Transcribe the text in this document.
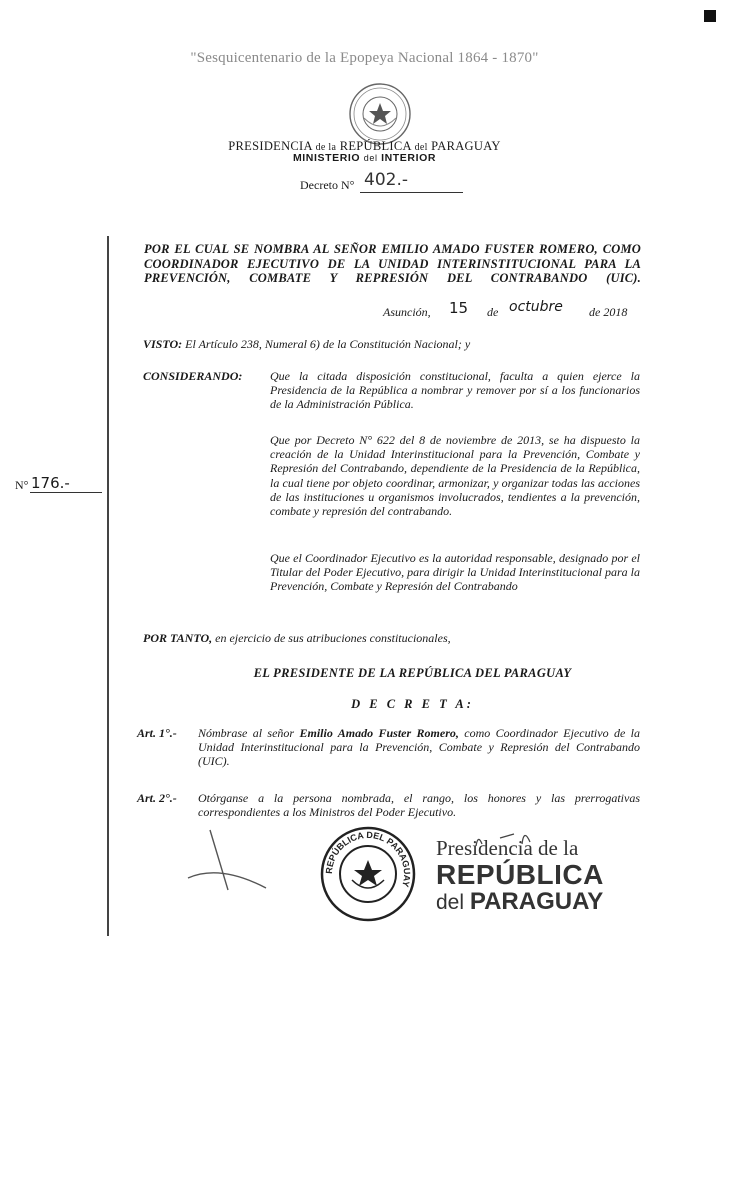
"Sesquicentenario de la Epopeya Nacional 1864 - 1870"
PRESIDENCIA de la REPÚBLICA del PARAGUAY
MINISTERIO del INTERIOR
Decreto N° 402.-
N° 176.-
POR EL CUAL SE NOMBRA AL SEÑOR EMILIO AMADO FUSTER ROMERO, COMO COORDINADOR EJECUTIVO DE LA UNIDAD INTERINSTITUCIONAL PARA LA PREVENCIÓN, COMBATE Y REPRESIÓN DEL CONTRABANDO (UIC).
Asunción, 15 de octubre de 2018
VISTO: El Artículo 238, Numeral 6) de la Constitución Nacional; y
CONSIDERANDO: Que la citada disposición constitucional, faculta a quien ejerce la Presidencia de la República a nombrar y remover por sí a los funcionarios de la Administración Pública.
Que por Decreto N° 622 del 8 de noviembre de 2013, se ha dispuesto la creación de la Unidad Interinstitucional para la Prevención, Combate y Represión del Contrabando, dependiente de la Presidencia de la República, la cual tiene por objeto coordinar, armonizar, y organizar todas las acciones de las instituciones u organismos involucrados, tendientes a la prevención, combate y represión del contrabando.
Que el Coordinador Ejecutivo es la autoridad responsable, designado por el Titular del Poder Ejecutivo, para dirigir la Unidad Interinstitucional para la Prevención, Combate y Represión del Contrabando
POR TANTO, en ejercicio de sus atribuciones constitucionales,
EL PRESIDENTE DE LA REPÚBLICA DEL PARAGUAY
D E C R E T A:
Art. 1°.- Nómbrase al señor Emilio Amado Fuster Romero, como Coordinador Ejecutivo de la Unidad Interinstitucional para la Prevención, Combate y Represión del Contrabando (UIC).
Art. 2°.- Otórganse a la persona nombrada, el rango, los honores y las prerrogativas correspondientes a los Ministros del Poder Ejecutivo.
REPÚBLICA DEL PARAGUAY
Presidencia de la
REPÚBLICA
del PARAGUAY
